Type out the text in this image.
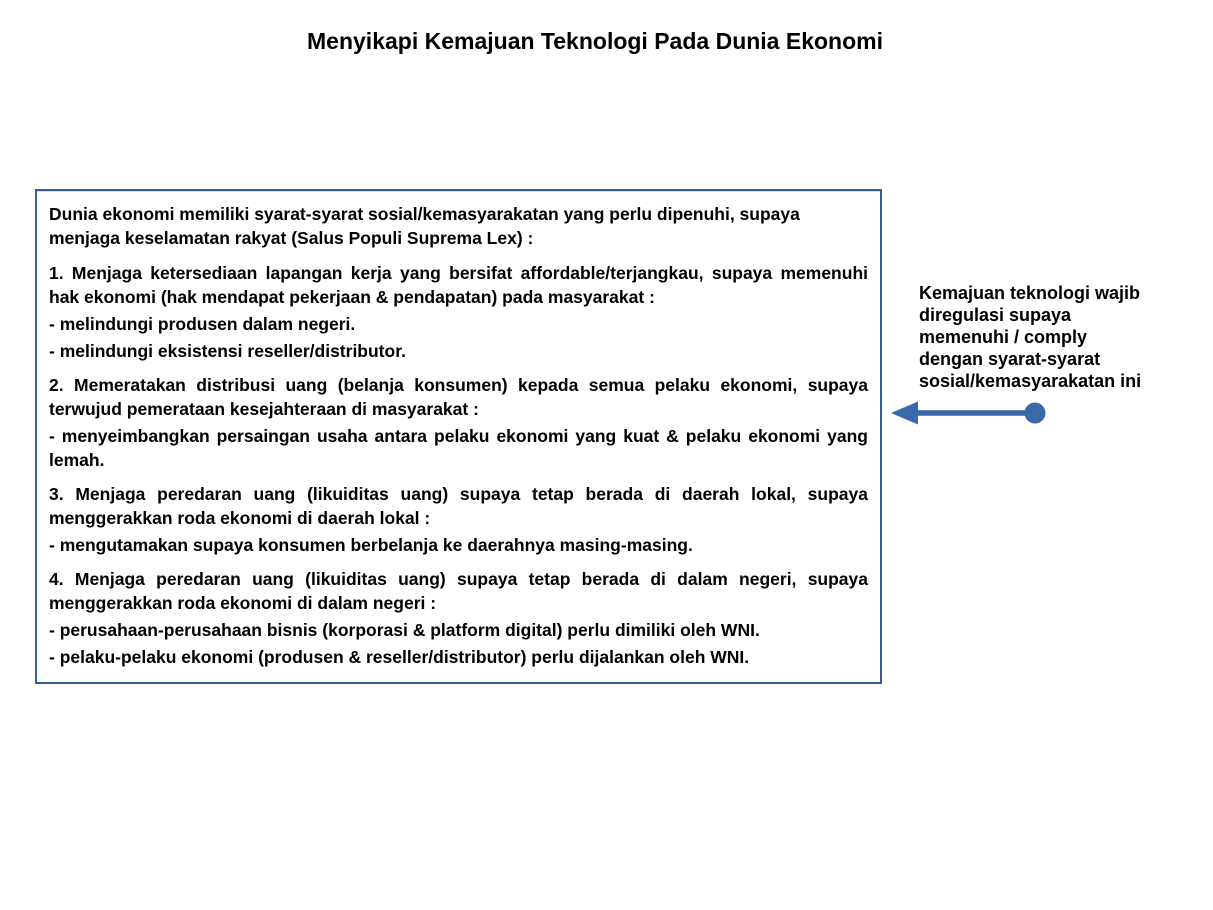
Menyikapi Kemajuan Teknologi Pada Dunia Ekonomi

Dunia ekonomi memiliki syarat-syarat sosial/kemasyarakatan yang perlu dipenuhi, supaya menjaga keselamatan rakyat (Salus Populi Suprema Lex) :

1. Menjaga ketersediaan lapangan kerja yang bersifat affordable/terjangkau, supaya memenuhi hak ekonomi (hak mendapat pekerjaan & pendapatan) pada masyarakat :

- melindungi produsen dalam negeri.

- melindungi eksistensi reseller/distributor.

2. Memeratakan distribusi uang (belanja konsumen) kepada semua pelaku ekonomi, supaya terwujud pemerataan kesejahteraan di masyarakat :

- menyeimbangkan persaingan usaha antara pelaku ekonomi yang kuat & pelaku ekonomi yang lemah.

3. Menjaga peredaran uang (likuiditas uang) supaya tetap berada di daerah lokal, supaya menggerakkan roda ekonomi di daerah lokal :

- mengutamakan supaya konsumen berbelanja ke daerahnya masing-masing.

4. Menjaga peredaran uang (likuiditas uang) supaya tetap berada di dalam negeri, supaya menggerakkan roda ekonomi di dalam negeri :

- perusahaan-perusahaan bisnis (korporasi & platform digital) perlu dimiliki oleh WNI.

- pelaku-pelaku ekonomi (produsen & reseller/distributor) perlu dijalankan oleh WNI.

Kemajuan teknologi wajib
diregulasi supaya
memenuhi / comply
dengan syarat-syarat
sosial/kemasyarakatan ini
